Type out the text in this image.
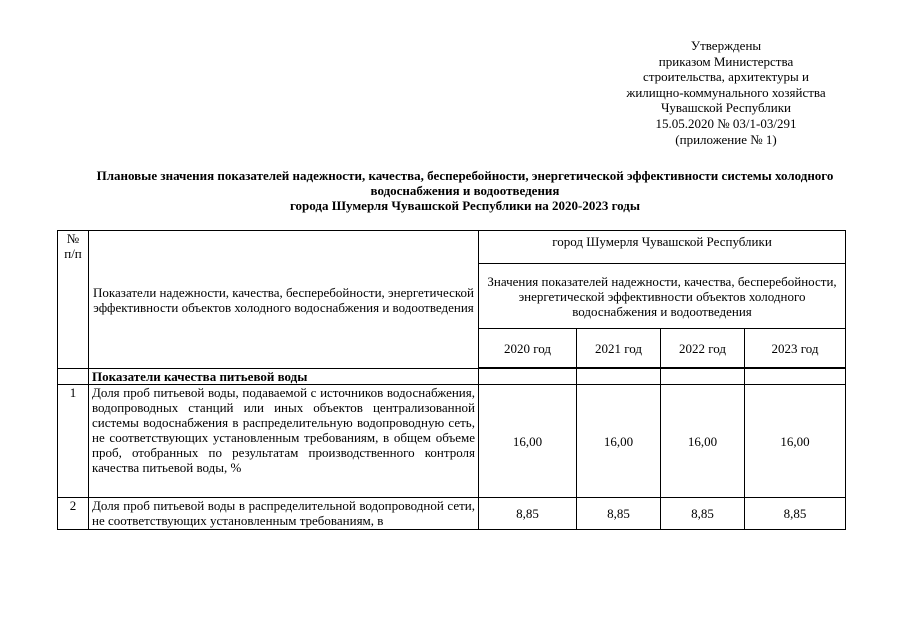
Утверждены
приказом Министерства
строительства, архитектуры и
жилищно-коммунального хозяйства
Чувашской Республики
15.05.2020 № 03/1-03/291
(приложение № 1)
Плановые значения показателей надежности, качества, бесперебойности, энергетической эффективности системы холодного
водоснабжения и водоотведения
города Шумерля Чувашской Республики на 2020-2023 годы
№ п/п	Показатели надежности, качества, бесперебойности, энергетической эффективности объектов холодного водоснабжения и водоотведения	город Шумерля Чувашской Республики			
		Значения показателей надежности, качества, бесперебойности, энергетической эффективности объектов холодного водоснабжения и водоотведения			
		2020 год	2021 год	2022 год	2023 год

	Показатели качества питьевой воды				
1	Доля проб питьевой воды, подаваемой с источников водоснабжения, водопроводных станций или иных объектов централизованной системы водоснабжения в распределительную водопроводную сеть, не соответствующих установленным требованиям, в общем объеме проб, отобранных по результатам производственного контроля качества питьевой воды, %	16,00	16,00	16,00	16,00
2	Доля проб питьевой воды в распределительной водопроводной сети, не соответствующих установленным требованиям, в	8,85	8,85	8,85	8,85
